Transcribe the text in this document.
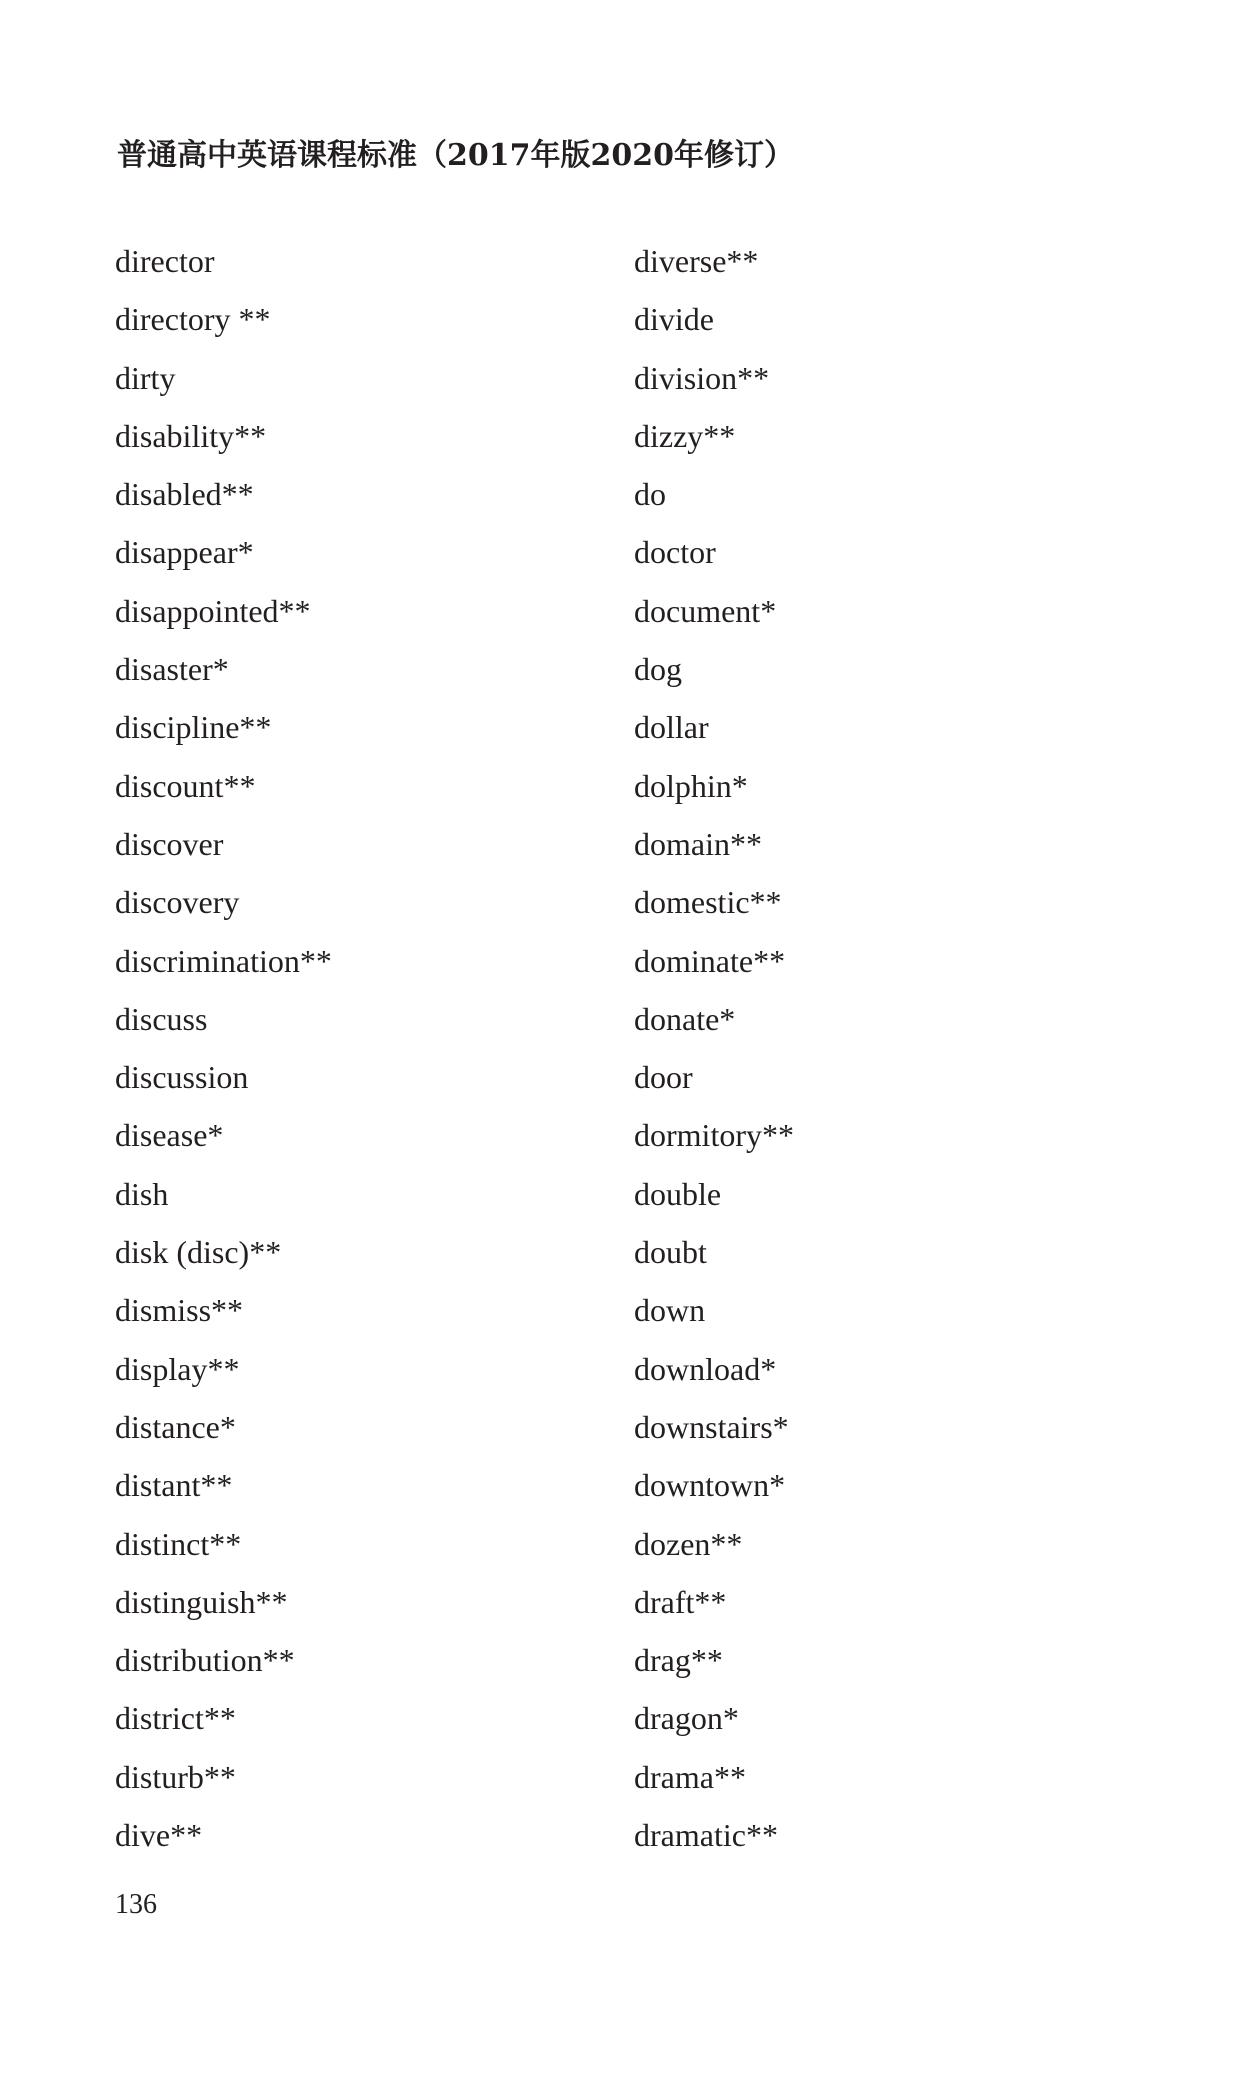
普通高中英语课程标准（2017年版2020年修订）
director
directory **
dirty
disability**
disabled**
disappear*
disappointed**
disaster*
discipline**
discount**
discover
discovery
discrimination**
discuss
discussion
disease*
dish
disk (disc)**
dismiss**
display**
distance*
distant**
distinct**
distinguish**
distribution**
district**
disturb**
dive**
diverse**
divide
division**
dizzy**
do
doctor
document*
dog
dollar
dolphin*
domain**
domestic**
dominate**
donate*
door
dormitory**
double
doubt
down
download*
downstairs*
downtown*
dozen**
draft**
drag**
dragon*
drama**
dramatic**
136
